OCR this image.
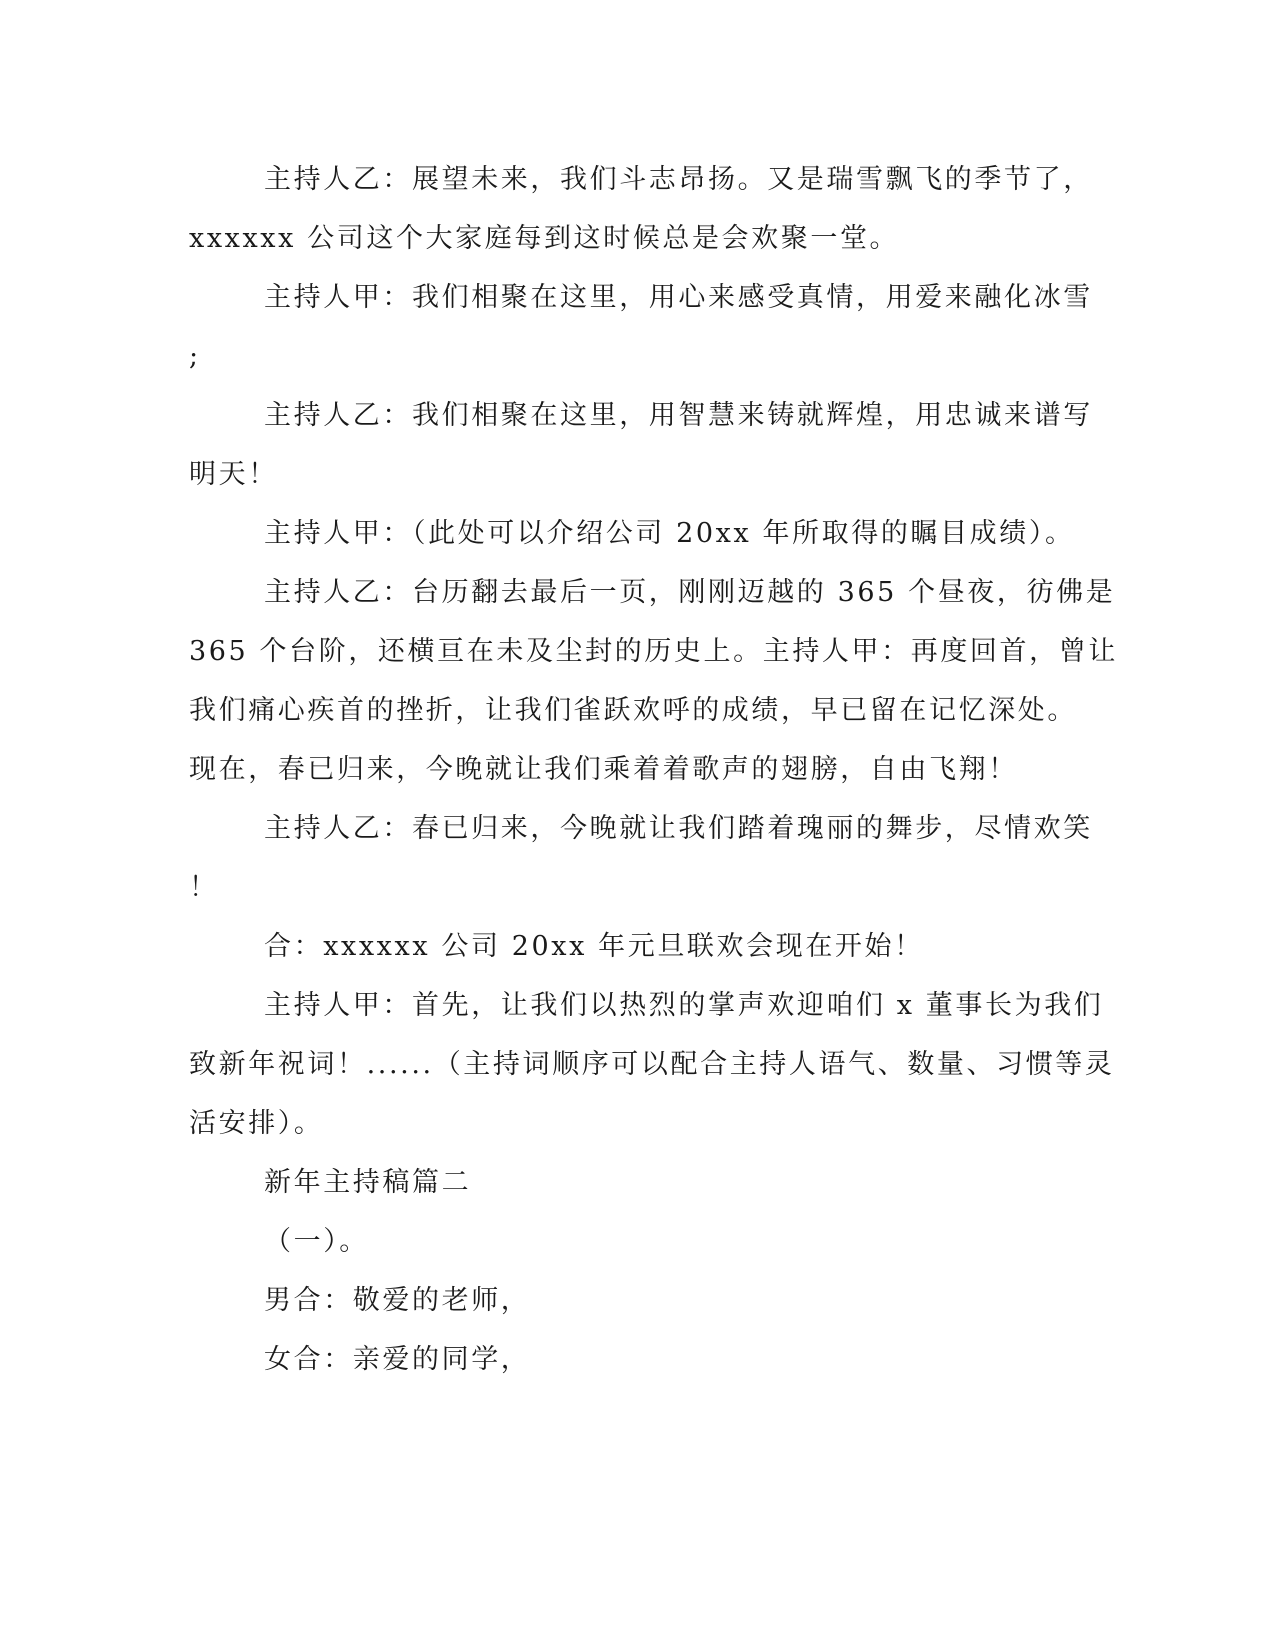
主持人乙：展望未来，我们斗志昂扬。又是瑞雪飘飞的季节了，
xxxxxx 公司这个大家庭每到这时候总是会欢聚一堂。
主持人甲：我们相聚在这里，用心来感受真情，用爱来融化冰雪
;
主持人乙：我们相聚在这里，用智慧来铸就辉煌，用忠诚来谱写
明天！
主持人甲：（此处可以介绍公司 20xx 年所取得的瞩目成绩）。
主持人乙：台历翻去最后一页，刚刚迈越的 365 个昼夜，彷佛是
365 个台阶，还横亘在未及尘封的历史上。主持人甲：再度回首，曾让
我们痛心疾首的挫折，让我们雀跃欢呼的成绩，早已留在记忆深处。
现在，春已归来，今晚就让我们乘着着歌声的翅膀，自由飞翔！
主持人乙：春已归来，今晚就让我们踏着瑰丽的舞步，尽情欢笑
！
合：xxxxxx 公司 20xx 年元旦联欢会现在开始！
主持人甲：首先，让我们以热烈的掌声欢迎咱们 x 董事长为我们
致新年祝词！......（主持词顺序可以配合主持人语气、数量、习惯等灵
活安排）。
新年主持稿篇二
（一）。
男合：敬爱的老师，
女合：亲爱的同学，
